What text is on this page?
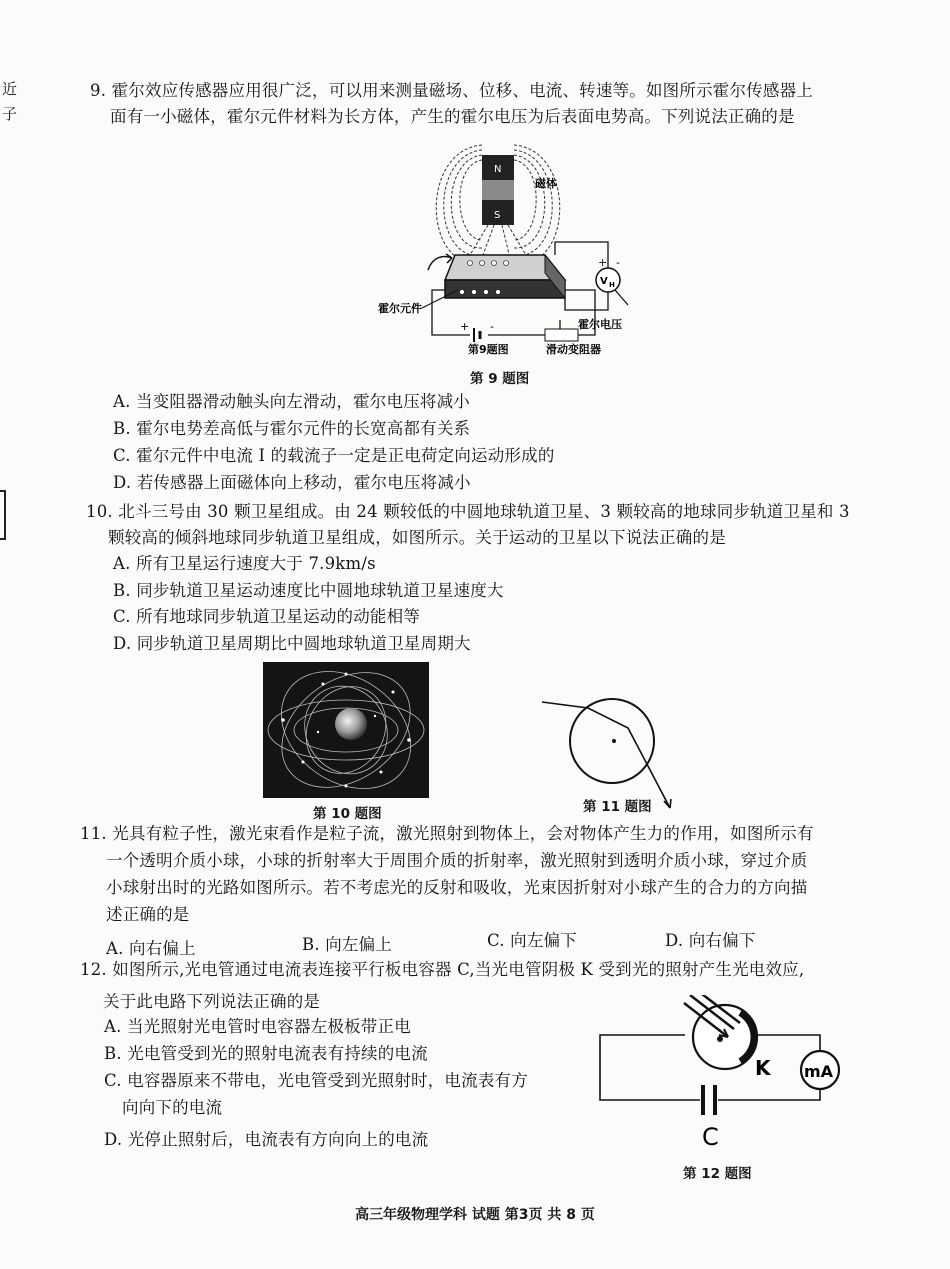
近
子
9. 霍尔效应传感器应用很广泛，可以用来测量磁场、位移、电流、转速等。如图所示霍尔传感器上
面有一小磁体，霍尔元件材料为长方体，产生的霍尔电压为后表面电势高。下列说法正确的是
N
S
磁体
+ -
V H
+ -
霍尔元件
霍尔电压
第9题图	滑动变阻器
第 9 题图
A. 当变阻器滑动触头向左滑动，霍尔电压将减小
B. 霍尔电势差高低与霍尔元件的长宽高都有关系
C. 霍尔元件中电流 I 的载流子一定是正电荷定向运动形成的
D. 若传感器上面磁体向上移动，霍尔电压将减小
10. 北斗三号由 30 颗卫星组成。由 24 颗较低的中圆地球轨道卫星、3 颗较高的地球同步轨道卫星和 3
颗较高的倾斜地球同步轨道卫星组成，如图所示。关于运动的卫星以下说法正确的是
A. 所有卫星运行速度大于 7.9km/s
B. 同步轨道卫星运动速度比中圆地球轨道卫星速度大
C. 所有地球同步轨道卫星运动的动能相等
D. 同步轨道卫星周期比中圆地球轨道卫星周期大
第 10 题图	第 11 题图
11. 光具有粒子性，激光束看作是粒子流，激光照射到物体上，会对物体产生力的作用，如图所示有
一个透明介质小球，小球的折射率大于周围介质的折射率，激光照射到透明介质小球，穿过介质
小球射出时的光路如图所示。若不考虑光的反射和吸收，光束因折射对小球产生的合力的方向描
述正确的是
A. 向右偏上	B. 向左偏上	C. 向左偏下	D. 向右偏下
12. 如图所示,光电管通过电流表连接平行板电容器 C,当光电管阴极 K 受到光的照射产生光电效应,
关于此电路下列说法正确的是
A. 当光照射光电管时电容器左极板带正电
B. 光电管受到光的照射电流表有持续的电流
C. 电容器原来不带电，光电管受到光照射时，电流表有方
向向下的电流
D. 光停止照射后，电流表有方向向上的电流
K mA
C
第 12 题图
高三年级物理学科 试题 第3页 共 8 页
